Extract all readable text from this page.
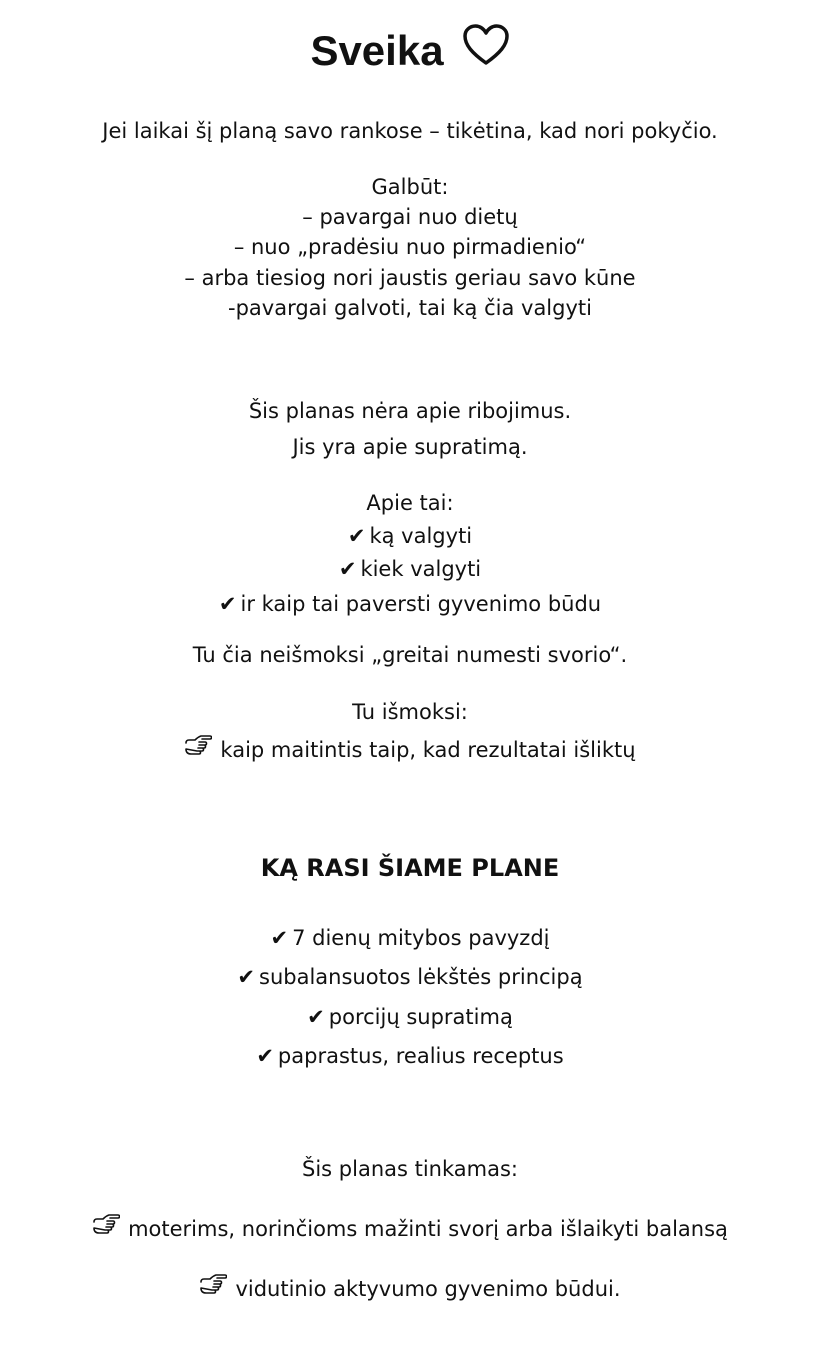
Sveika
Jei laikai šį planą savo rankose – tikėtina, kad nori pokyčio.
Galbūt:
– pavargai nuo dietų
– nuo „pradėsiu nuo pirmadienio“
– arba tiesiog nori jaustis geriau savo kūne
-pavargai galvoti, tai ką čia valgyti
Šis planas nėra apie ribojimus.
Jis yra apie supratimą.
Apie tai:
✔ ką valgyti
✔ kiek valgyti
✔ ir kaip tai paversti gyvenimo būdu
Tu čia neišmoksi „greitai numesti svorio“.
Tu išmoksi:
kaip maitintis taip, kad rezultatai išliktų
KĄ RASI ŠIAME PLANE
✔ 7 dienų mitybos pavyzdį
✔ subalansuotos lėkštės principą
✔ porcijų supratimą
✔ paprastus, realius receptus
Šis planas tinkamas:
moterims, norinčioms mažinti svorį arba išlaikyti balansą
vidutinio aktyvumo gyvenimo būdui.
